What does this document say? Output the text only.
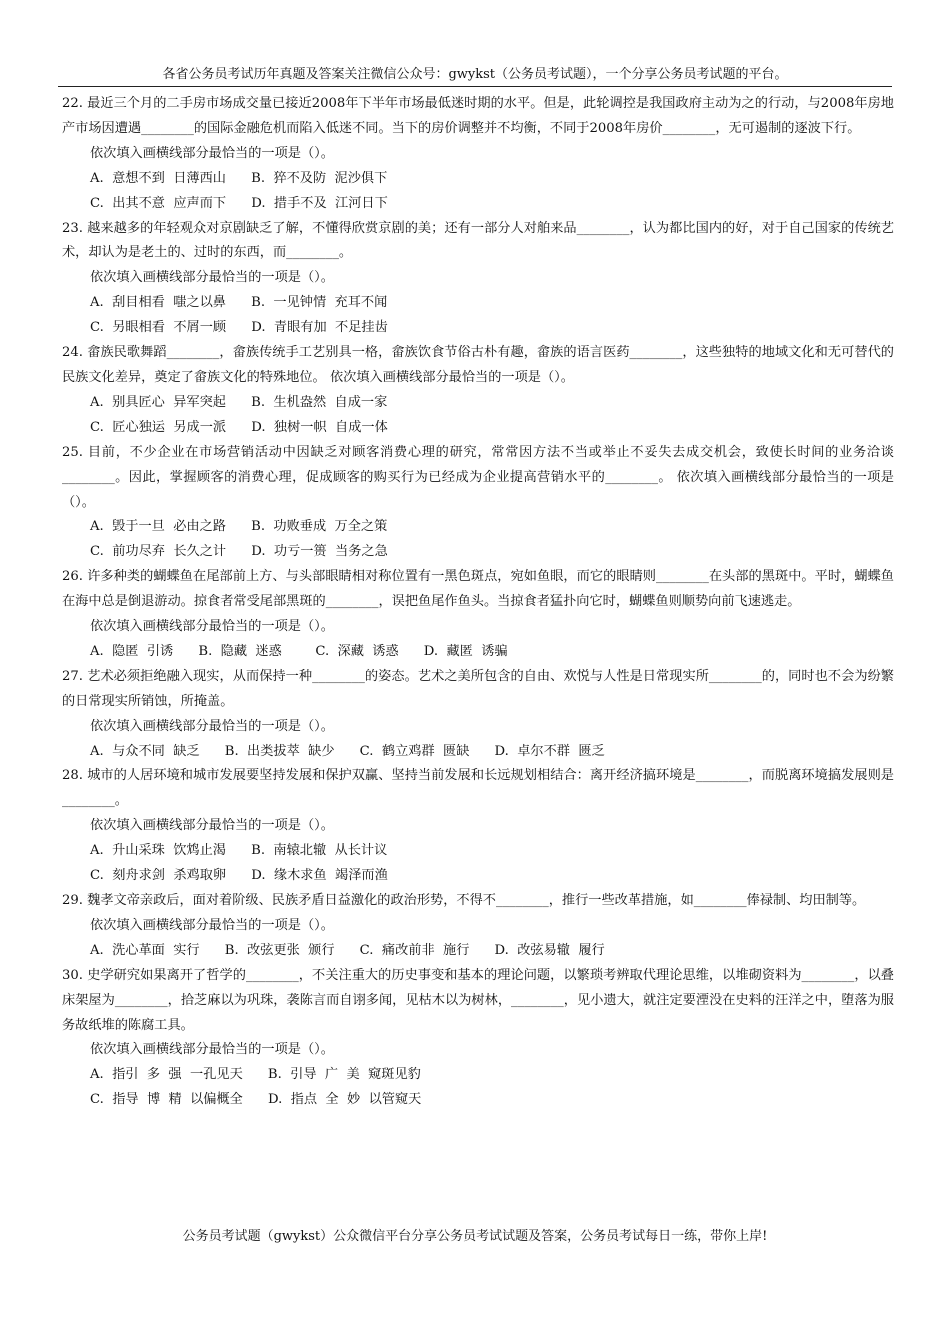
各省公务员考试历年真题及答案关注微信公众号：gwykst（公务员考试题），一个分享公务员考试题的平台。

22. 最近三个月的二手房市场成交量已接近2008年下半年市场最低迷时期的水平。但是，此轮调控是我国政府主动为之的行动，与2008年房地产市场因遭遇________的国际金融危机而陷入低迷不同。当下的房价调整并不均衡，不同于2008年房价________，无可遏制的逐波下行。

依次填入画横线部分最恰当的一项是（）。

A.  意想不到  日薄西山      B.  猝不及防  泥沙俱下

C.  出其不意  应声而下      D.  措手不及  江河日下

23. 越来越多的年轻观众对京剧缺乏了解，不懂得欣赏京剧的美；还有一部分人对舶来品________，认为都比国内的好，对于自己国家的传统艺术，却认为是老土的、过时的东西，而________。

依次填入画横线部分最恰当的一项是（）。

A.  刮目相看  嗤之以鼻      B.  一见钟情  充耳不闻

C.  另眼相看  不屑一顾      D.  青眼有加  不足挂齿

24. 畲族民歌舞蹈________，畲族传统手工艺别具一格，畲族饮食节俗古朴有趣，畲族的语言医药________，这些独特的地域文化和无可替代的民族文化差异，奠定了畲族文化的特殊地位。 依次填入画横线部分最恰当的一项是（）。

A.  别具匠心  异军突起      B.  生机盎然  自成一家

C.  匠心独运  另成一派      D.  独树一帜  自成一体

25. 目前，不少企业在市场营销活动中因缺乏对顾客消费心理的研究，常常因方法不当或举止不妥失去成交机会，致使长时间的业务洽谈________。因此，掌握顾客的消费心理，促成顾客的购买行为已经成为企业提高营销水平的________。 依次填入画横线部分最恰当的一项是（）。

A.  毁于一旦  必由之路      B.  功败垂成  万全之策

C.  前功尽弃  长久之计      D.  功亏一篑  当务之急

26. 许多种类的蝴蝶鱼在尾部前上方、与头部眼睛相对称位置有一黑色斑点，宛如鱼眼，而它的眼睛则________在头部的黑斑中。平时，蝴蝶鱼在海中总是倒退游动。掠食者常受尾部黑斑的________，误把鱼尾作鱼头。当掠食者猛扑向它时，蝴蝶鱼则顺势向前飞速逃走。

依次填入画横线部分最恰当的一项是（）。

A.  隐匿  引诱      B.  隐藏  迷惑        C.  深藏  诱惑      D.  藏匿  诱骗

27. 艺术必须拒绝融入现实，从而保持一种________的姿态。艺术之美所包含的自由、欢悦与人性是日常现实所________的，同时也不会为纷繁的日常现实所销蚀，所掩盖。

依次填入画横线部分最恰当的一项是（）。

A.  与众不同  缺乏      B.  出类拔萃  缺少      C.  鹤立鸡群  匮缺      D.  卓尔不群  匮乏

28. 城市的人居环境和城市发展要坚持发展和保护双赢、坚持当前发展和长远规划相结合：离开经济搞环境是________，而脱离环境搞发展则是________。

依次填入画横线部分最恰当的一项是（）。

A.  升山采珠  饮鸩止渴      B.  南辕北辙  从长计议

C.  刻舟求剑  杀鸡取卵      D.  缘木求鱼  竭泽而渔

29. 魏孝文帝亲政后，面对着阶级、民族矛盾日益激化的政治形势，不得不________，推行一些改革措施，如________俸禄制、均田制等。

依次填入画横线部分最恰当的一项是（）。

A.  洗心革面  实行      B.  改弦更张  颁行      C.  痛改前非  施行      D.  改弦易辙  履行

30. 史学研究如果离开了哲学的________，不关注重大的历史事变和基本的理论问题，以繁琐考辨取代理论思维，以堆砌资料为________，以叠床架屋为________，拾芝麻以为巩珠，袭陈言而自诩多闻，见枯木以为树林，________，见小遗大，就注定要湮没在史料的汪洋之中，堕落为服务故纸堆的陈腐工具。

依次填入画横线部分最恰当的一项是（）。

A.  指引  多  强  一孔见天      B.  引导  广  美  窥斑见豹

C.  指导  博  精  以偏概全      D.  指点  全  妙  以管窥天

公务员考试题（gwykst）公众微信平台分享公务员考试试题及答案，公务员考试每日一练，带你上岸!
